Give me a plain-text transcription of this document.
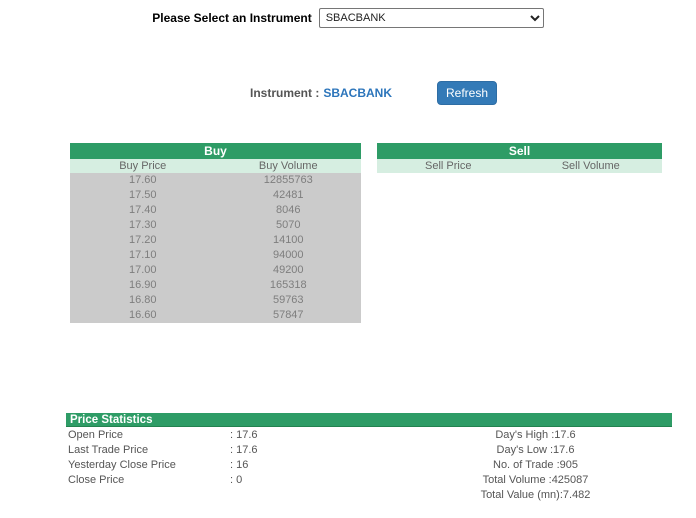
Please Select an Instrument
SBACBANK
Instrument : SBACBANK	Refresh
Buy
Buy Price	Buy Volume
17.60	12855763
17.50	42481
17.40	8046
17.30	5070
17.20	14100
17.10	94000
17.00	49200
16.90	165318
16.80	59763
16.60	57847
Sell
Sell Price	Sell Volume
Price Statistics
Open Price	: 17.6
Last Trade Price	: 17.6
Yesterday Close Price	: 16
Close Price	: 0
Day's High :17.6
Day's Low :17.6
No. of Trade :905
Total Volume :425087
Total Value (mn):7.482
